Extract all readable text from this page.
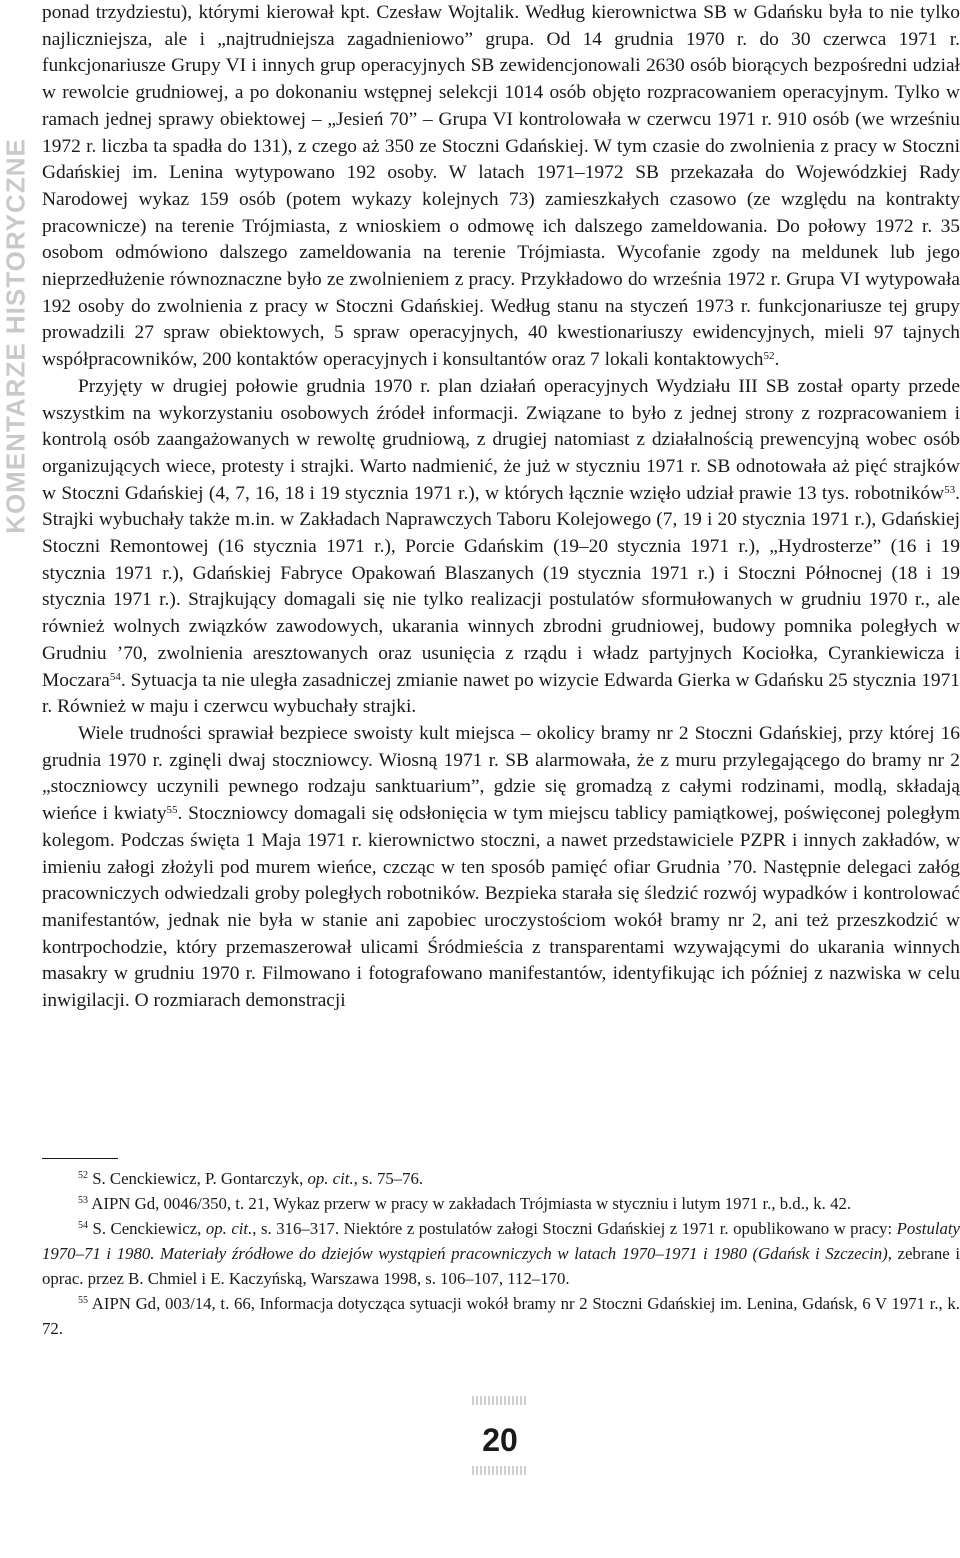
KOMENTARZE HISTORYCZNE

ponad trzydziestu), którymi kierował kpt. Czesław Wojtalik. Według kierownictwa SB w Gdańsku była to nie tylko najliczniejsza, ale i „najtrudniejsza zagadnieniowo” grupa. Od 14 grudnia 1970 r. do 30 czerwca 1971 r. funkcjonariusze Grupy VI i innych grup operacyjnych SB zewidencjonowali 2630 osób biorących bezpośredni udział w rewolcie grudniowej, a po dokonaniu wstępnej selekcji 1014 osób objęto rozpracowaniem operacyjnym. Tylko w ramach jednej sprawy obiektowej – „Jesień 70” – Grupa VI kontrolowała w czerwcu 1971 r. 910 osób (we wrześniu 1972 r. liczba ta spadła do 131), z czego aż 350 ze Stoczni Gdańskiej. W tym czasie do zwolnienia z pracy w Stoczni Gdańskiej im. Lenina wytypowano 192 osoby. W latach 1971–1972 SB przekazała do Wojewódzkiej Rady Narodowej wykaz 159 osób (potem wykazy kolejnych 73) zamieszkałych czasowo (ze względu na kontrakty pracownicze) na terenie Trójmiasta, z wnioskiem o odmowę ich dalszego zameldowania. Do połowy 1972 r. 35 osobom odmówiono dalszego zameldowania na terenie Trójmiasta. Wycofanie zgody na meldunek lub jego nieprzedłużenie równoznaczne było ze zwolnieniem z pracy. Przykładowo do września 1972 r. Grupa VI wytypowała 192 osoby do zwolnienia z pracy w Stoczni Gdańskiej. Według stanu na styczeń 1973 r. funkcjonariusze tej grupy prowadzili 27 spraw obiektowych, 5 spraw operacyjnych, 40 kwestionariuszy ewidencyjnych, mieli 97 tajnych współpracowników, 200 kontaktów operacyjnych i konsultantów oraz 7 lokali kontaktowych$^{52}$.

Przyjęty w drugiej połowie grudnia 1970 r. plan działań operacyjnych Wydziału III SB został oparty przede wszystkim na wykorzystaniu osobowych źródeł informacji. Związane to było z jednej strony z rozpracowaniem i kontrolą osób zaangażowanych w rewoltę grudniową, z drugiej natomiast z działalnością prewencyjną wobec osób organizujących wiece, protesty i strajki. Warto nadmienić, że już w styczniu 1971 r. SB odnotowała aż pięć strajków w Stoczni Gdańskiej (4, 7, 16, 18 i 19 stycznia 1971 r.), w których łącznie wzięło udział prawie 13 tys. robotników$^{53}$. Strajki wybuchały także m.in. w Zakładach Naprawczych Taboru Kolejowego (7, 19 i 20 stycznia 1971 r.), Gdańskiej Stoczni Remontowej (16 stycznia 1971 r.), Porcie Gdańskim (19–20 stycznia 1971 r.), „Hydrosterze” (16 i 19 stycznia 1971 r.), Gdańskiej Fabryce Opakowań Blaszanych (19 stycznia 1971 r.) i Stoczni Północnej (18 i 19 stycznia 1971 r.). Strajkujący domagali się nie tylko realizacji postulatów sformułowanych w grudniu 1970 r., ale również wolnych związków zawodowych, ukarania winnych zbrodni grudniowej, budowy pomnika poległych w Grudniu ’70, zwolnienia aresztowanych oraz usunięcia z rządu i władz partyjnych Kociołka, Cyrankiewicza i Moczara$^{54}$. Sytuacja ta nie uległa zasadniczej zmianie nawet po wizycie Edwarda Gierka w Gdańsku 25 stycznia 1971 r. Również w maju i czerwcu wybuchały strajki.

Wiele trudności sprawiał bezpiece swoisty kult miejsca – okolicy bramy nr 2 Stoczni Gdańskiej, przy której 16 grudnia 1970 r. zginęli dwaj stoczniowcy. Wiosną 1971 r. SB alarmowała, że z muru przylegającego do bramy nr 2 „stoczniowcy uczynili pewnego rodzaju sanktuarium”, gdzie się gromadzą z całymi rodzinami, modlą, składają wieńce i kwiaty$^{55}$. Stoczniowcy domagali się odsłonięcia w tym miejscu tablicy pamiątkowej, poświęconej poległym kolegom. Podczas święta 1 Maja 1971 r. kierownictwo stoczni, a nawet przedstawiciele PZPR i innych zakładów, w imieniu załogi złożyli pod murem wieńce, czcząc w ten sposób pamięć ofiar Grudnia ’70. Następnie delegaci załóg pracowniczych odwiedzali groby poległych robotników. Bezpieka starała się śledzić rozwój wypadków i kontrolować manifestantów, jednak nie była w stanie ani zapobiec uroczystościom wokół bramy nr 2, ani też przeszkodzić w kontrpochodzie, który przemaszerował ulicami Śródmieścia z transparentami wzywającymi do ukarania winnych masakry w grudniu 1970 r. Filmowano i fotografowano manifestantów, identyfikując ich później z nazwiska w celu inwigilacji. O rozmiarach demonstracji

$^{52}$ S. Cenckiewicz, P. Gontarczyk, op. cit., s. 75–76.

$^{53}$ AIPN Gd, 0046/350, t. 21, Wykaz przerw w pracy w zakładach Trójmiasta w styczniu i lutym 1971 r., b.d., k. 42.

$^{54}$ S. Cenckiewicz, op. cit., s. 316–317. Niektóre z postulatów załogi Stoczni Gdańskiej z 1971 r. opublikowano w pracy: Postulaty 1970–71 i 1980. Materiały źródłowe do dziejów wystąpień pracowniczych w latach 1970–1971 i 1980 (Gdańsk i Szczecin), zebrane i oprac. przez B. Chmiel i E. Kaczyńską, Warszawa 1998, s. 106–107, 112–170.

$^{55}$ AIPN Gd, 003/14, t. 66, Informacja dotycząca sytuacji wokół bramy nr 2 Stoczni Gdańskiej im. Lenina, Gdańsk, 6 V 1971 r., k. 72.

20
